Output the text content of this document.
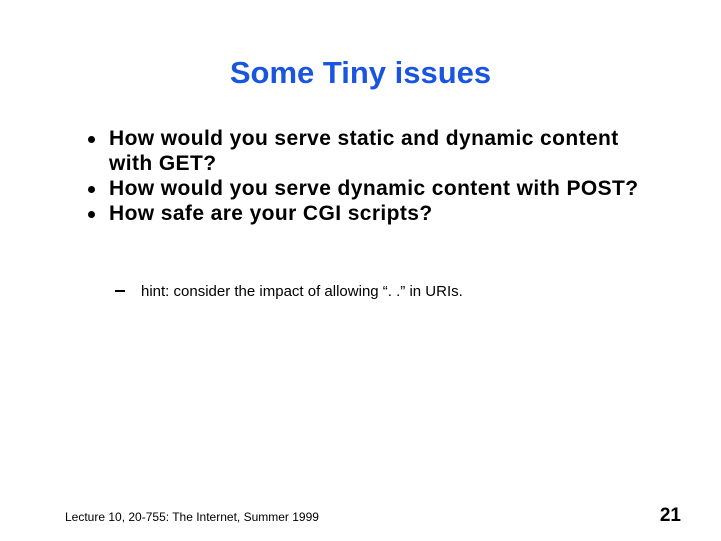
Some Tiny issues
How would you serve static and dynamic content with GET?
How would you serve dynamic content with POST?
How safe are your CGI scripts?
hint: consider the impact of allowing “. .” in URIs.
Lecture 10, 20-755: The Internet, Summer 1999	21
